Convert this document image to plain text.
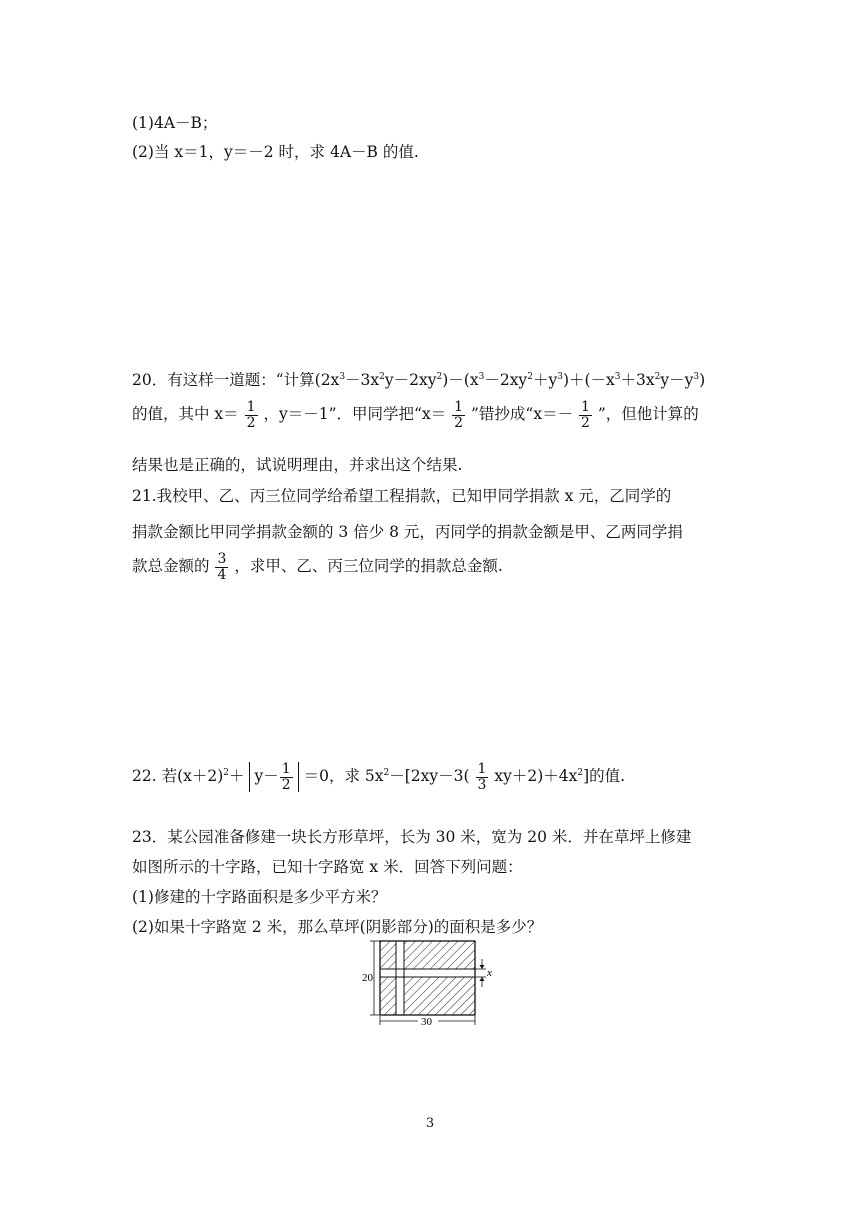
(1)4A－B；
(2)当 x＝1，y＝－2 时，求 4A－B 的值.
20．有这样一道题：“计算$(2x^3-3x^2y-2xy^2)-(x^3-2xy^2+y^3)+(-x^3+3x^2y-y^3)$
的值，其中 $x= \frac{1}{2}$ ，y＝－1”．甲同学把“$x= \frac{1}{2}$ ”错抄成“$x=- \frac{1}{2}$ ”，但他计算的
结果也是正确的，试说明理由，并求出这个结果.
21.我校甲、乙、丙三位同学给希望工程捐款，已知甲同学捐款 x 元，乙同学的
捐款金额比甲同学捐款金额的 3 倍少 8 元，丙同学的捐款金额是甲、乙两同学捐
款总金额的 $\frac{3}{4}$ ，求甲、乙、丙三位同学的捐款总金额.
22. 若$(x+2)^2+ y- \frac{1}{2} =0$，求 $5x^2-[2xy-3( \frac{1}{3} xy+2)+4x^2]$的值.
23．某公园准备修建一块长方形草坪，长为 30 米，宽为 20 米．并在草坪上修建
如图所示的十字路，已知十字路宽 x 米．回答下列问题：
(1)修建的十字路面积是多少平方米？
(2)如果十字路宽 2 米，那么草坪(阴影部分)的面积是多少？
20
30
x
3
